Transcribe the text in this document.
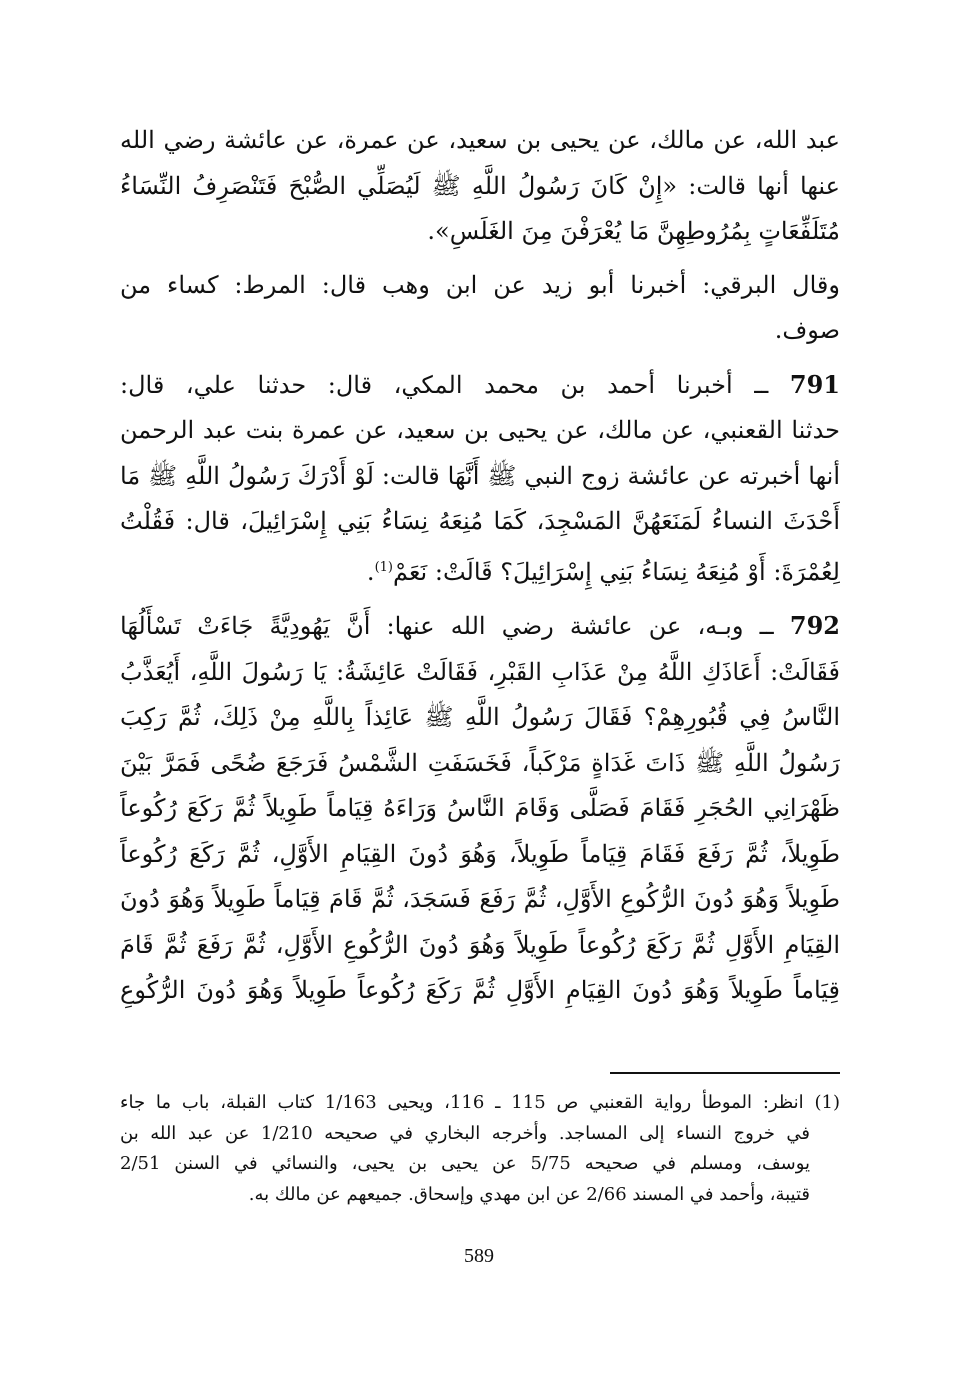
عبد الله، عن مالك، عن يحيى بن سعيد، عن عمرة، عن عائشة رضي الله
عنها أنها قالت: «إِنْ كَانَ رَسُولُ اللَّهِ ﷺ لَيُصَلِّي الصُّبْحَ فَتَنْصَرِفُ النِّسَاءُ
مُتَلَفِّعَاتٍ بِمُرُوطِهِنَّ مَا يُعْرَفْنَ مِنَ الغَلَسِ».
وقال البرقي: أخبرنا أبو زيد عن ابن وهب قال: المرط: كساء من
صوف.
791 ــ أخبرنا أحمد بن محمد المكي، قال: حدثنا علي، قال:
حدثنا القعنبي، عن مالك، عن يحيى بن سعيد، عن عمرة بنت عبد الرحمن
أنها أخبرته عن عائشة زوج النبي ﷺ أَنَّهَا قالت: لَوْ أَدْرَكَ رَسُولُ اللَّهِ ﷺ مَا
أَحْدَثَ النساءُ لَمَنَعَهُنَّ المَسْجِدَ، كَمَا مُنِعَهُ نِسَاءُ بَنِي إِسْرَائِيلَ، قال: فَقُلْتُ
لِعُمْرَةَ: أَوْ مُنِعَهُ نِسَاءُ بَنِي إِسْرَائِيلَ؟ قَالَتْ: نَعَمْ$^{(1)}$.
792 ــ وبـه، عن عائشة رضي الله عنها: أَنَّ يَهُودِيَّةً جَاءَتْ تَسْأَلُهَا
فَقَالَتْ: أَعَاذَكِ اللَّهُ مِنْ عَذَابِ القَبْرِ، فَقَالَتْ عَائِشَةُ: يَا رَسُولَ اللَّهِ، أَيُعَذَّبُ
النَّاسُ فِي قُبُورِهِمْ؟ فَقَالَ رَسُولُ اللَّهِ ﷺ عَائِذاً بِاللَّهِ مِنْ ذَلِكَ، ثُمَّ رَكِبَ
رَسُولُ اللَّهِ ﷺ ذَاتَ غَدَاةٍ مَرْكَباً، فَخَسَفَتِ الشَّمْسُ فَرَجَعَ ضُحًى فَمَرَّ بَيْنَ
ظَهْرَانِي الحُجَرِ فَقَامَ فَصَلَّى وَقَامَ النَّاسُ وَرَاءَهُ قِيَاماً طَوِيلاً ثُمَّ رَكَعَ رُكُوعاً
طَوِيلاً، ثُمَّ رَفَعَ فَقَامَ قِيَاماً طَوِيلاً، وَهُوَ دُونَ القِيَامِ الأَوَّلِ، ثُمَّ رَكَعَ رُكُوعاً
طَوِيلاً وَهُوَ دُونَ الرُّكُوعِ الأَوَّلِ، ثُمَّ رَفَعَ فَسَجَدَ، ثُمَّ قَامَ قِيَاماً طَوِيلاً وَهُوَ دُونَ
القِيَامِ الأَوَّلِ ثُمَّ رَكَعَ رُكُوعاً طَوِيلاً وَهُوَ دُونَ الرُّكُوعِ الأَوَّلِ، ثُمَّ رَفَعَ ثُمَّ قَامَ
قِيَاماً طَوِيلاً وَهُوَ دُونَ القِيَامِ الأَوَّلِ ثُمَّ رَكَعَ رُكُوعاً طَوِيلاً وَهُوَ دُونَ الرُّكُوعِ
(1) انظر: الموطأ رواية القعنبي ص 115 ـ 116، ويحيى 1/163 كتاب القبلة، باب ما جاء
في خروج النساء إلى المساجد. وأخرجه البخاري في صحيحه 1/210 عن عبد الله بن
يوسف، ومسلم في صحيحه 5/75 عن يحيى بن يحيى، والنسائي في السنن 2/51
قتيبة، وأحمد في المسند 2/66 عن ابن مهدي وإسحاق. جميعهم عن مالك به.
589
